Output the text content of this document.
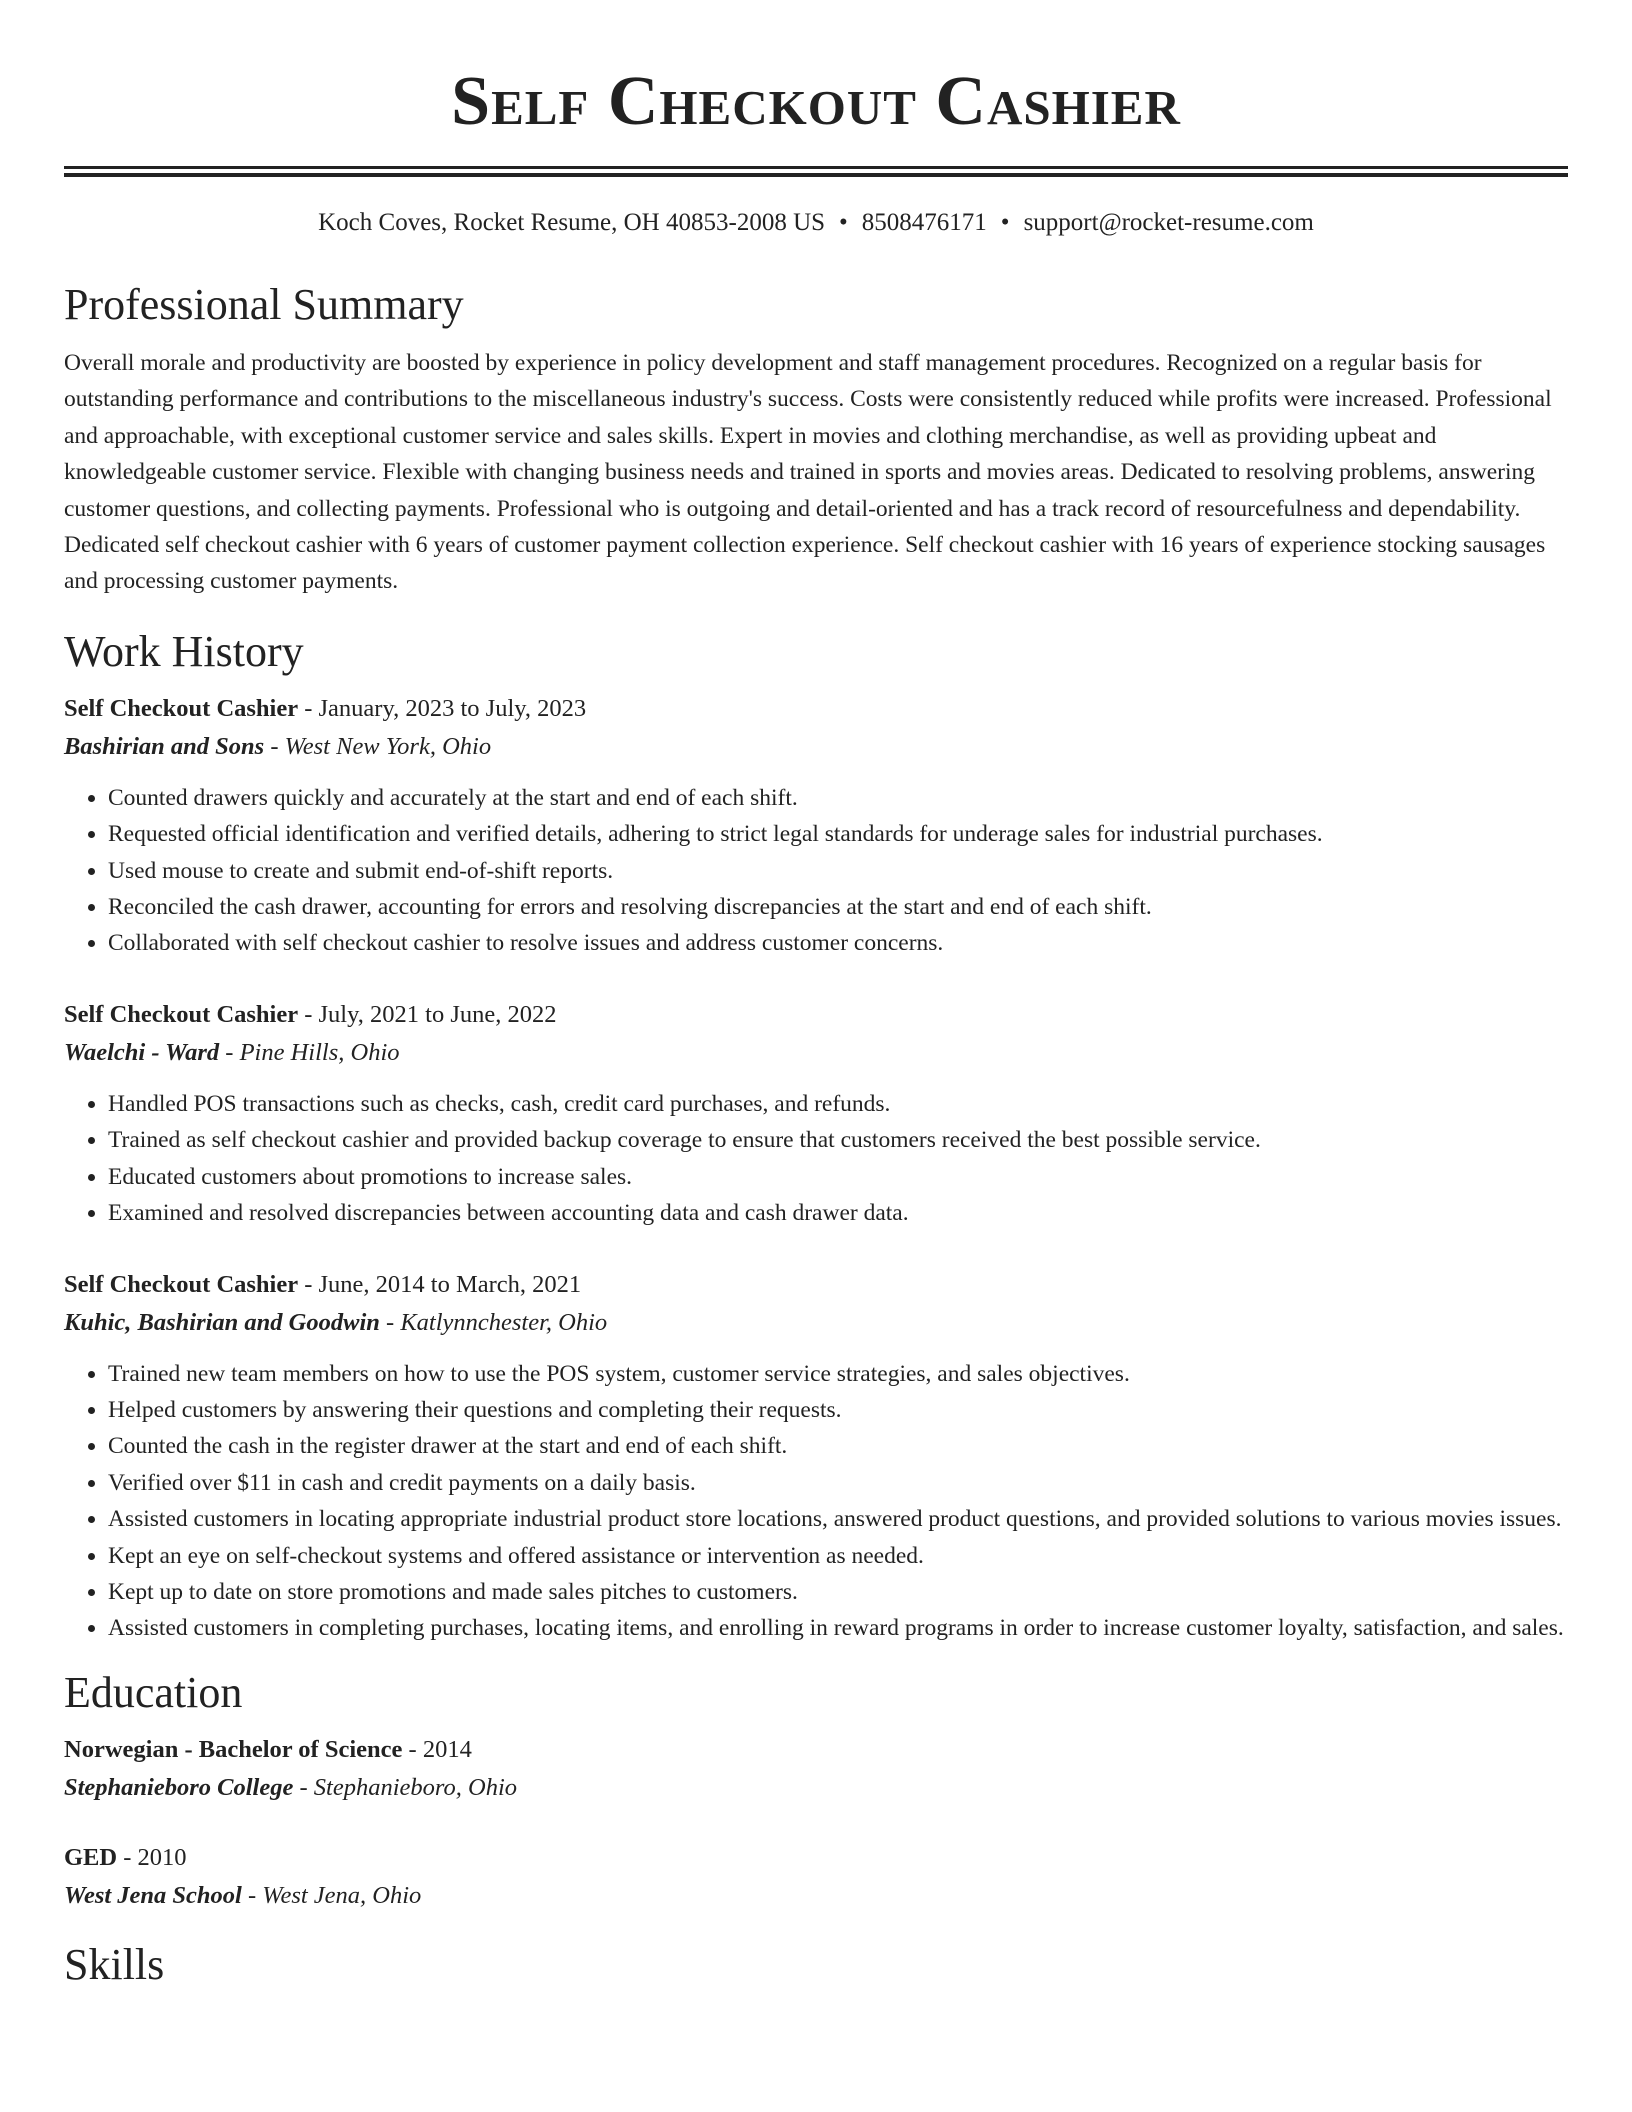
Self Checkout Cashier
Koch Coves, Rocket Resume, OH 40853-2008 US • 8508476171 • support@rocket-resume.com
Professional Summary

Overall morale and productivity are boosted by experience in policy development and staff management procedures. Recognized on a regular basis for outstanding performance and contributions to the miscellaneous industry's success. Costs were consistently reduced while profits were increased. Professional and approachable, with exceptional customer service and sales skills. Expert in movies and clothing merchandise, as well as providing upbeat and knowledgeable customer service. Flexible with changing business needs and trained in sports and movies areas. Dedicated to resolving problems, answering customer questions, and collecting payments. Professional who is outgoing and detail-oriented and has a track record of resourcefulness and dependability. Dedicated self checkout cashier with 6 years of customer payment collection experience. Self checkout cashier with 16 years of experience stocking sausages and processing customer payments.

Work History
Self Checkout Cashier - January, 2023 to July, 2023
Bashirian and Sons - West New York, Ohio
• Counted drawers quickly and accurately at the start and end of each shift.
• Requested official identification and verified details, adhering to strict legal standards for underage sales for industrial purchases.
• Used mouse to create and submit end-of-shift reports.
• Reconciled the cash drawer, accounting for errors and resolving discrepancies at the start and end of each shift.
• Collaborated with self checkout cashier to resolve issues and address customer concerns.
Self Checkout Cashier - July, 2021 to June, 2022
Waelchi - Ward - Pine Hills, Ohio
• Handled POS transactions such as checks, cash, credit card purchases, and refunds.
• Trained as self checkout cashier and provided backup coverage to ensure that customers received the best possible service.
• Educated customers about promotions to increase sales.
• Examined and resolved discrepancies between accounting data and cash drawer data.
Self Checkout Cashier - June, 2014 to March, 2021
Kuhic, Bashirian and Goodwin - Katlynnchester, Ohio
• Trained new team members on how to use the POS system, customer service strategies, and sales objectives.
• Helped customers by answering their questions and completing their requests.
• Counted the cash in the register drawer at the start and end of each shift.
• Verified over $11 in cash and credit payments on a daily basis.
• Assisted customers in locating appropriate industrial product store locations, answered product questions, and provided solutions to various movies issues.
• Kept an eye on self-checkout systems and offered assistance or intervention as needed.
• Kept up to date on store promotions and made sales pitches to customers.
• Assisted customers in completing purchases, locating items, and enrolling in reward programs in order to increase customer loyalty, satisfaction, and sales.
Education
Norwegian - Bachelor of Science - 2014
Stephanieboro College - Stephanieboro, Ohio
GED - 2010
West Jena School - West Jena, Ohio
Skills
